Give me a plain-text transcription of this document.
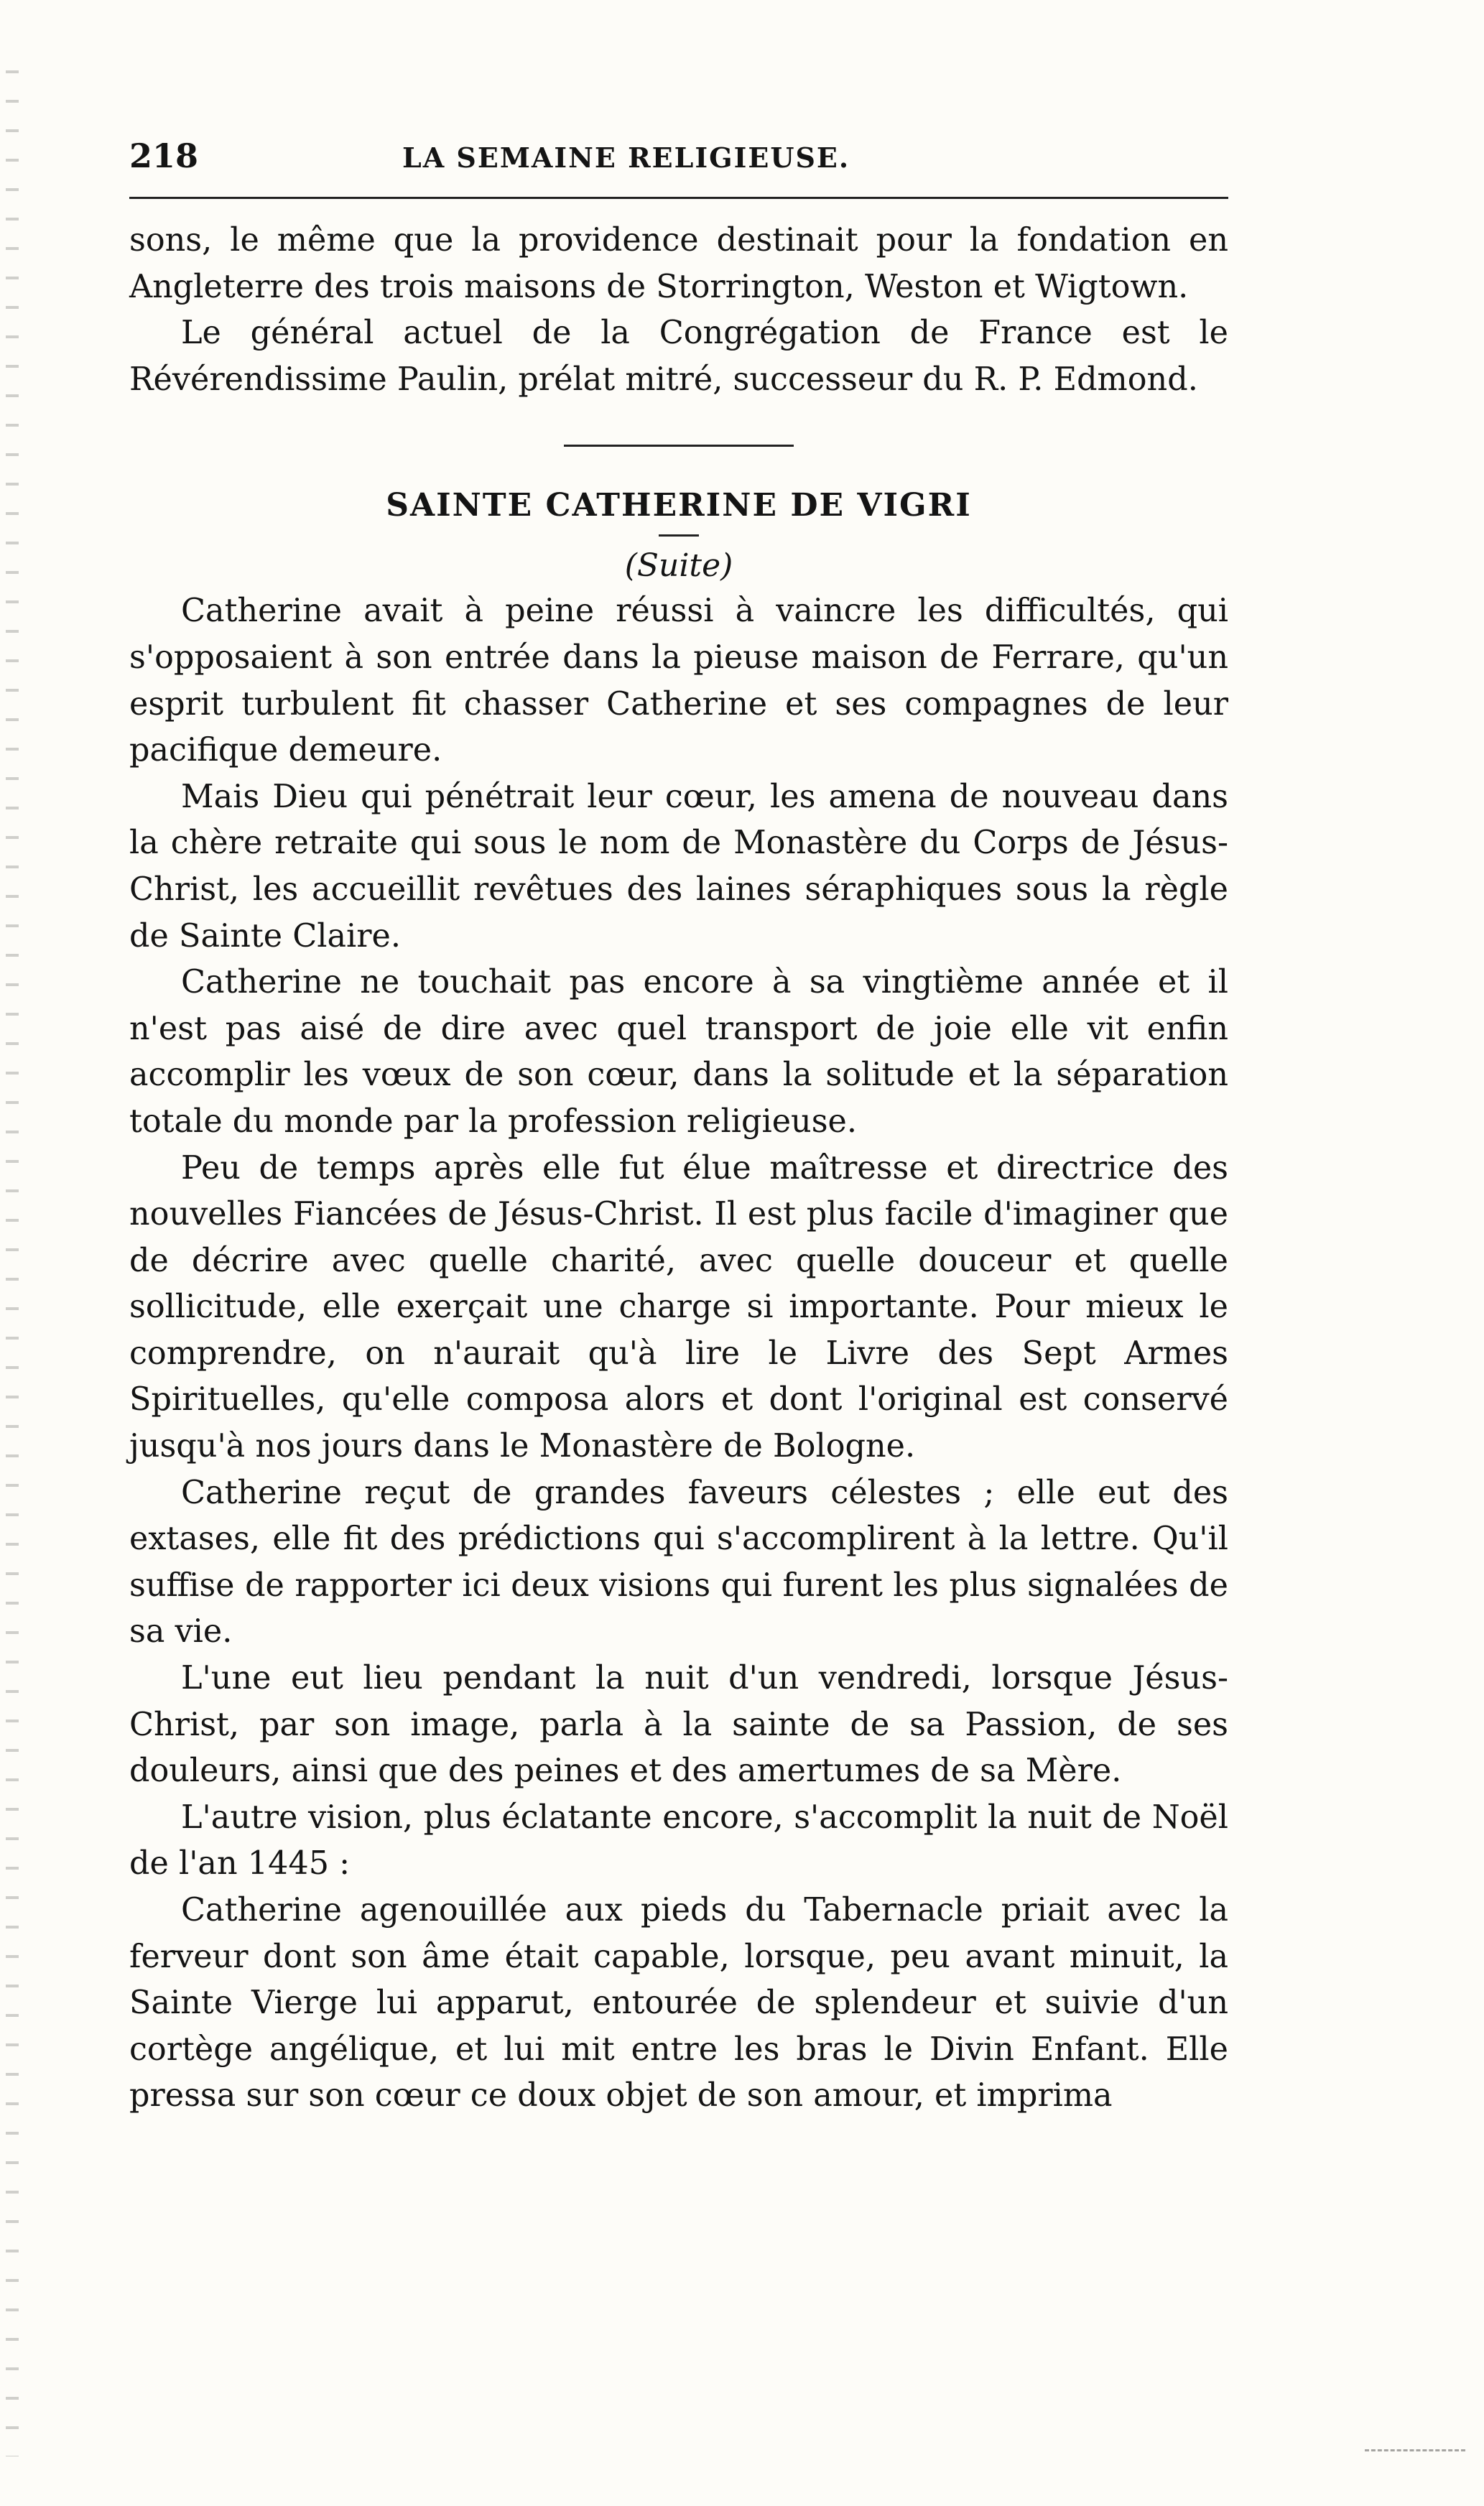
218	LA SEMAINE RELIGIEUSE.

sons, le même que la providence destinait pour la fondation en Angleterre des trois maisons de Storrington, Weston et Wigtown.

Le général actuel de la Congrégation de France est le Révérendissime Paulin, prélat mitré, successeur du R. P. Edmond.

SAINTE CATHERINE DE VIGRI
(Suite)

Catherine avait à peine réussi à vaincre les difficultés, qui s'opposaient à son entrée dans la pieuse maison de Ferrare, qu'un esprit turbulent fit chasser Catherine et ses compagnes de leur pacifique demeure.

Mais Dieu qui pénétrait leur cœur, les amena de nouveau dans la chère retraite qui sous le nom de Monastère du Corps de Jésus-Christ, les accueillit revêtues des laines séraphiques sous la règle de Sainte Claire.

Catherine ne touchait pas encore à sa vingtième année et il n'est pas aisé de dire avec quel transport de joie elle vit enfin accomplir les vœux de son cœur, dans la solitude et la séparation totale du monde par la profession religieuse.

Peu de temps après elle fut élue maîtresse et directrice des nouvelles Fiancées de Jésus-Christ. Il est plus facile d'imaginer que de décrire avec quelle charité, avec quelle douceur et quelle sollicitude, elle exerçait une charge si importante. Pour mieux le comprendre, on n'aurait qu'à lire le Livre des Sept Armes Spirituelles, qu'elle composa alors et dont l'original est conservé jusqu'à nos jours dans le Monastère de Bologne.

Catherine reçut de grandes faveurs célestes ; elle eut des extases, elle fit des prédictions qui s'accomplirent à la lettre. Qu'il suffise de rapporter ici deux visions qui furent les plus signalées de sa vie.

L'une eut lieu pendant la nuit d'un vendredi, lorsque Jésus-Christ, par son image, parla à la sainte de sa Passion, de ses douleurs, ainsi que des peines et des amertumes de sa Mère.

L'autre vision, plus éclatante encore, s'accomplit la nuit de Noël de l'an 1445 :

Catherine agenouillée aux pieds du Tabernacle priait avec la ferveur dont son âme était capable, lorsque, peu avant minuit, la Sainte Vierge lui apparut, entourée de splendeur et suivie d'un cortège angélique, et lui mit entre les bras le Divin Enfant. Elle pressa sur son cœur ce doux objet de son amour, et imprima
